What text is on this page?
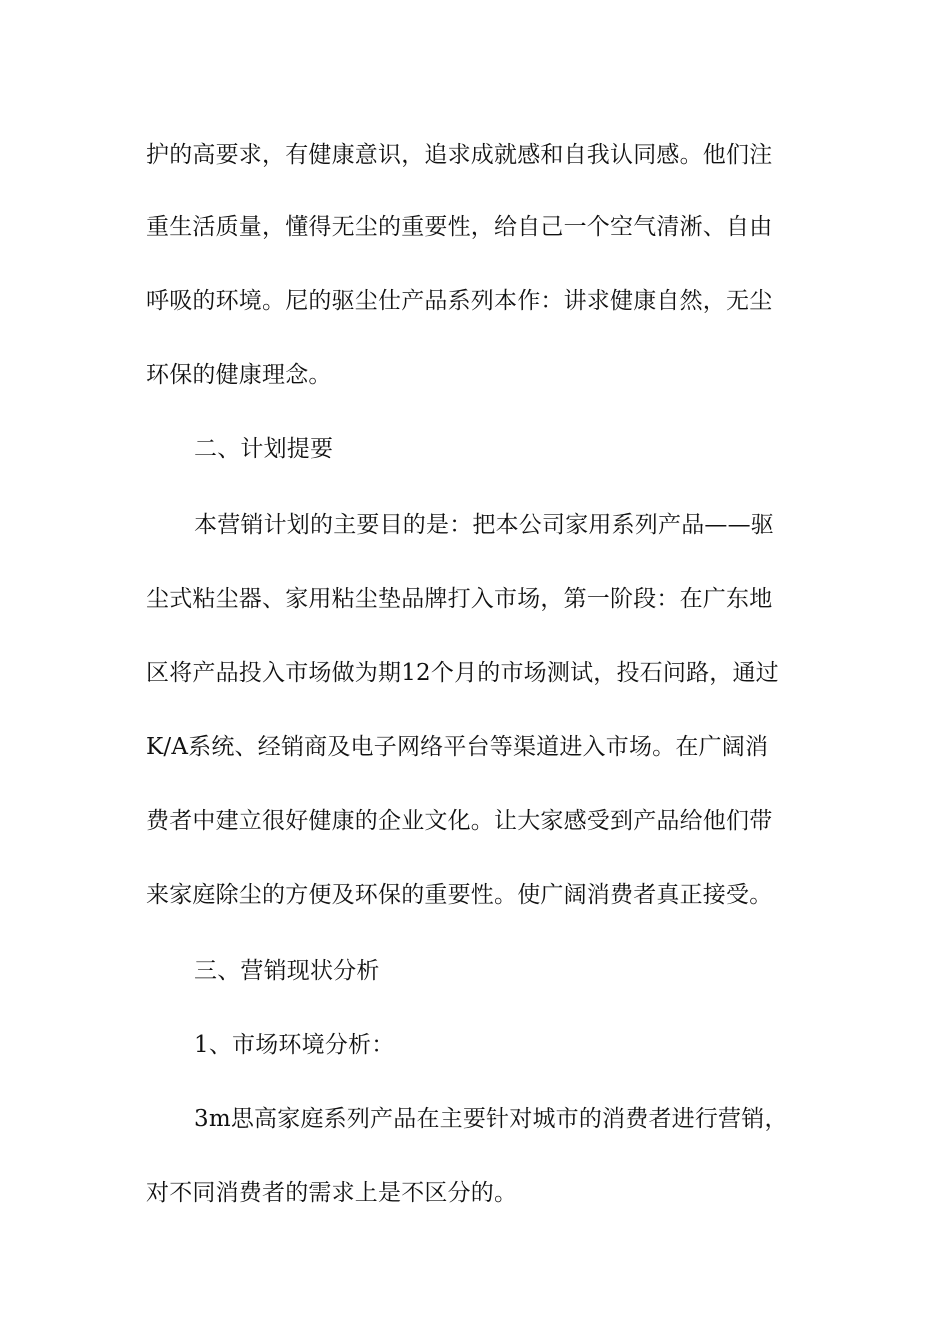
护的高要求，有健康意识，追求成就感和自我认同感。他们注
重生活质量，懂得无尘的重要性，给自己一个空气清淅、自由
呼吸的环境。尼的驱尘仕产品系列本作：讲求健康自然，无尘
环保的健康理念。
二、计划提要
本营销计划的主要目的是：把本公司家用系列产品——驱
尘式粘尘器、家用粘尘垫品牌打入市场，第一阶段：在广东地
区将产品投入市场做为期12个月的市场测试，投石问路，通过
K/A系统、经销商及电子网络平台等渠道进入市场。在广阔消
费者中建立很好健康的企业文化。让大家感受到产品给他们带
来家庭除尘的方便及环保的重要性。使广阔消费者真正接受。
三、营销现状分析
1、市场环境分析：
3m思高家庭系列产品在主要针对城市的消费者进行营销，
对不同消费者的需求上是不区分的。
